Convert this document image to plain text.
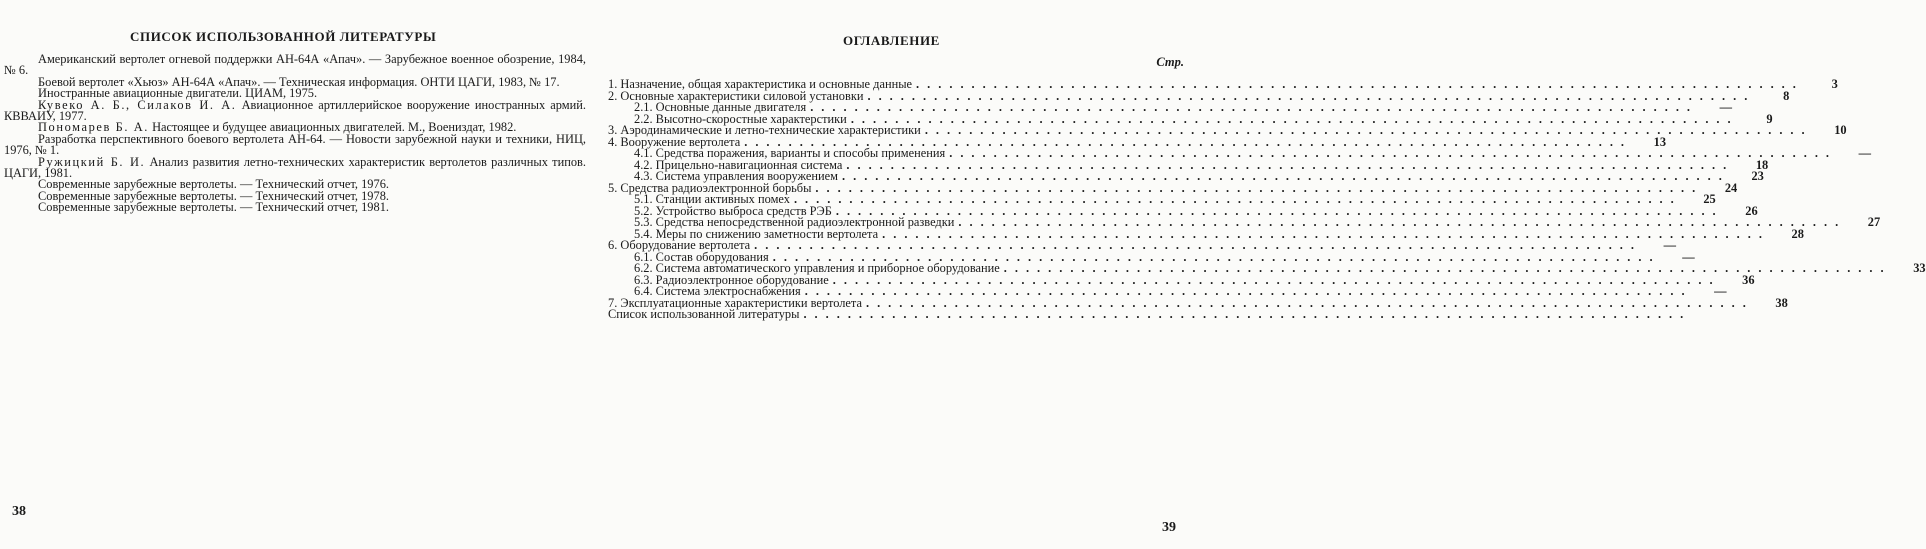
СПИСОК ИСПОЛЬЗОВАННОЙ ЛИТЕРАТУРЫ
Американский вертолет огневой поддержки АН-64А «Апач». — Зарубежное военное обозрение, 1984, № 6.
Боевой вертолет «Хьюз» АН-64А «Апач». — Техническая информация. ОНТИ ЦАГИ, 1983, № 17.
Иностранные авиационные двигатели. ЦИАМ, 1975.
Кувеко А. Б., Силаков И. А. Авиационное артиллерийское вооружение иностранных армий. КВВАИУ, 1977.
Пономарев Б. А. Настоящее и будущее авиационных двигателей. М., Воениздат, 1982.
Разработка перспективного боевого вертолета АН-64. — Новости зарубежной науки и техники, НИЦ, 1976, № 1.
Ружицкий Б. И. Анализ развития летно-технических характеристик вертолетов различных типов. ЦАГИ, 1981.
Современные зарубежные вертолеты. — Технический отчет, 1976.
Современные зарубежные вертолеты. — Технический отчет, 1978.
Современные зарубежные вертолеты. — Технический отчет, 1981.
38
ОГЛАВЛЕНИЕ
Стр.
1. Назначение, общая характеристика и основные данные ................................................................................	3
2. Основные характеристики силовой установки ................................................................................	8
2.1. Основные данные двигателя ................................................................................	—
2.2. Высотно-скоростные характерстики ................................................................................	9
3. Аэродинамические и летно-технические характеристики ................................................................................	10
4. Вооружение вертолета ................................................................................	13
4.1. Средства поражения, варианты и способы применения ................................................................................	—
4.2. Прицельно-навигационная система ................................................................................	18
4.3. Система управления вооружением ................................................................................	23
5. Средства радиоэлектронной борьбы ................................................................................	24
5.1. Станции активных помех ................................................................................	25
5.2. Устройство выброса средств РЭБ ................................................................................	26
5.3. Средства непосредственной радиоэлектронной разведки ................................................................................	27
5.4. Меры по снижению заметности вертолета ................................................................................	28
6. Оборудование вертолета ................................................................................	—
6.1. Состав оборудования ................................................................................	—
6.2. Система автоматического управления и приборное оборудование ................................................................................	33
6.3. Радиоэлектронное оборудование ................................................................................	36
6.4. Система электроснабжения ................................................................................	—
7. Эксплуатационные характеристики вертолета ................................................................................	38
Список использованной литературы ................................................................................
39
